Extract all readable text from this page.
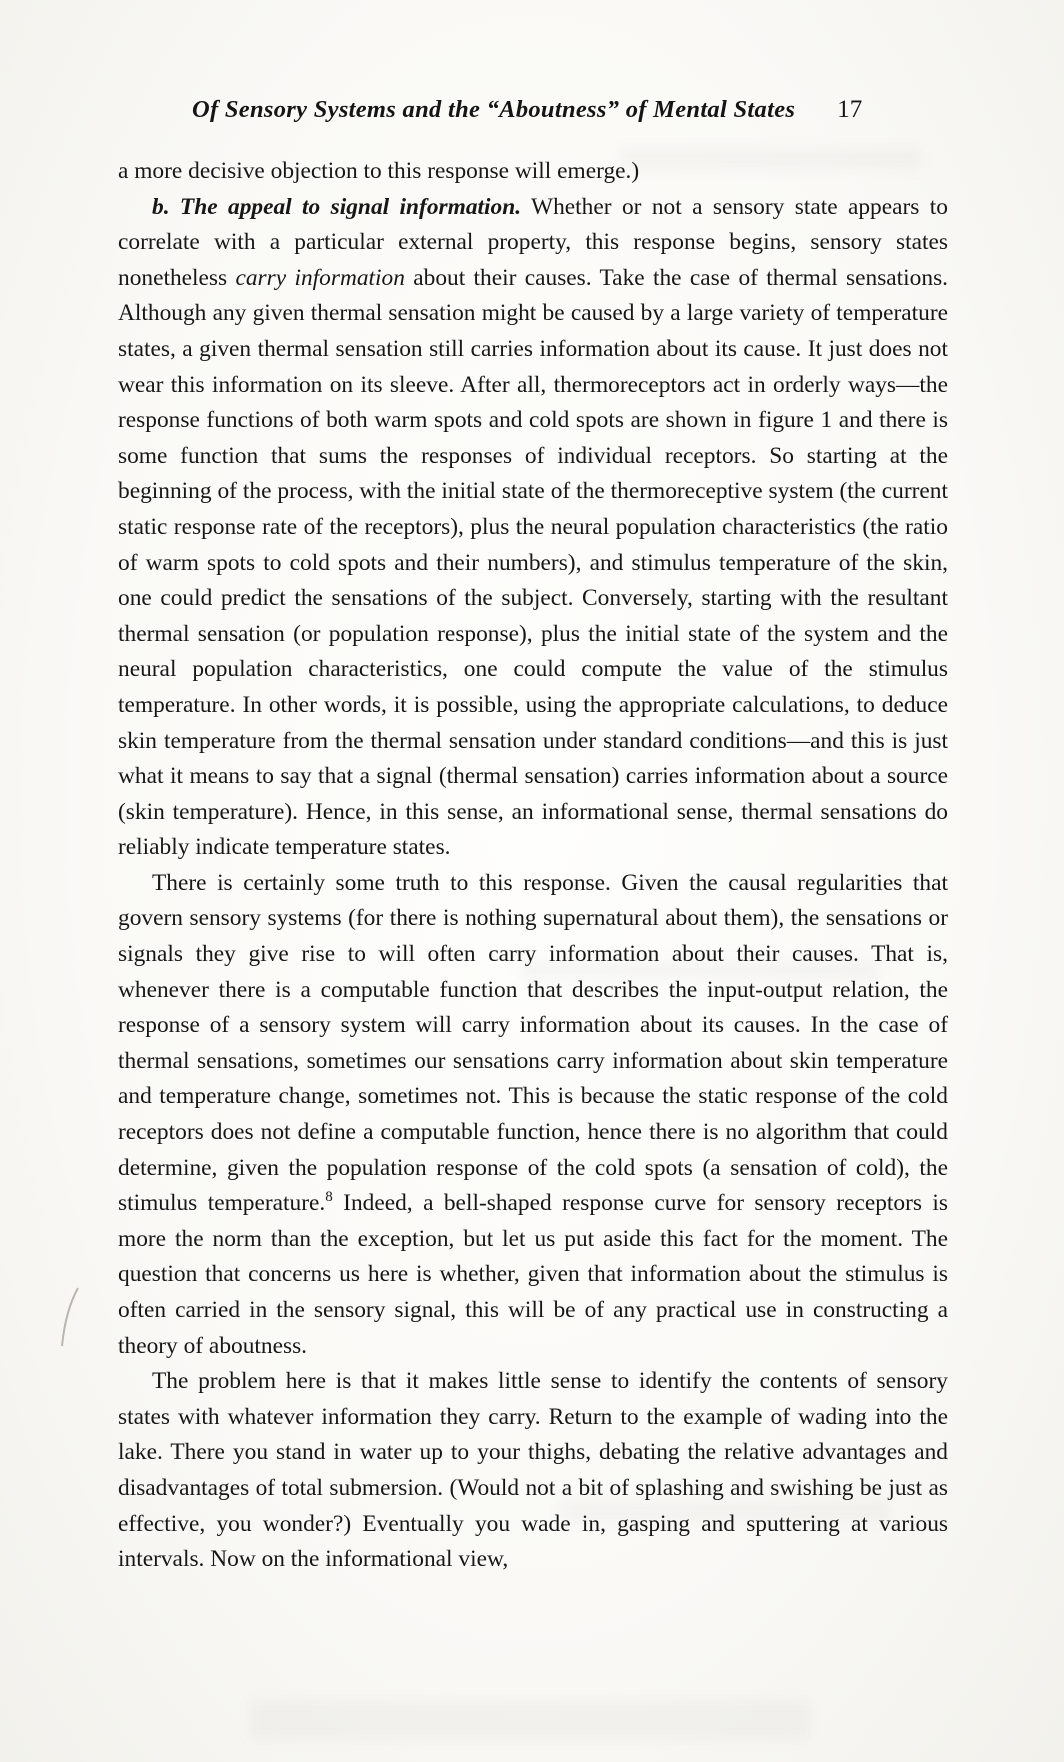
Of Sensory Systems and the “Aboutness” of Mental States 17

a more decisive objection to this response will emerge.)

b. The appeal to signal information. Whether or not a sensory state appears to correlate with a particular external property, this response begins, sensory states nonetheless carry information about their causes. Take the case of thermal sensations. Although any given thermal sensation might be caused by a large variety of temperature states, a given thermal sensation still carries information about its cause. It just does not wear this information on its sleeve. After all, thermoreceptors act in orderly ways—the response functions of both warm spots and cold spots are shown in figure 1 and there is some function that sums the responses of individual receptors. So starting at the beginning of the process, with the initial state of the thermoreceptive system (the current static response rate of the receptors), plus the neural population characteristics (the ratio of warm spots to cold spots and their numbers), and stimulus temperature of the skin, one could predict the sensations of the subject. Conversely, starting with the resultant thermal sensation (or population response), plus the initial state of the system and the neural population characteristics, one could compute the value of the stimulus temperature. In other words, it is possible, using the appropriate calculations, to deduce skin temperature from the thermal sensation under standard conditions—and this is just what it means to say that a signal (thermal sensation) carries information about a source (skin temperature). Hence, in this sense, an informational sense, thermal sensations do reliably indicate temperature states.

There is certainly some truth to this response. Given the causal regularities that govern sensory systems (for there is nothing supernatural about them), the sensations or signals they give rise to will often carry information about their causes. That is, whenever there is a computable function that describes the input-output relation, the response of a sensory system will carry information about its causes. In the case of thermal sensations, sometimes our sensations carry information about skin temperature and temperature change, sometimes not. This is because the static response of the cold receptors does not define a computable function, hence there is no algorithm that could determine, given the population response of the cold spots (a sensation of cold), the stimulus temperature.$^8$ Indeed, a bell-shaped response curve for sensory receptors is more the norm than the exception, but let us put aside this fact for the moment. The question that concerns us here is whether, given that information about the stimulus is often carried in the sensory signal, this will be of any practical use in constructing a theory of aboutness.

The problem here is that it makes little sense to identify the contents of sensory states with whatever information they carry. Return to the example of wading into the lake. There you stand in water up to your thighs, debating the relative advantages and disadvantages of total submersion. (Would not a bit of splashing and swishing be just as effective, you wonder?) Eventually you wade in, gasping and sputtering at various intervals. Now on the informational view,
